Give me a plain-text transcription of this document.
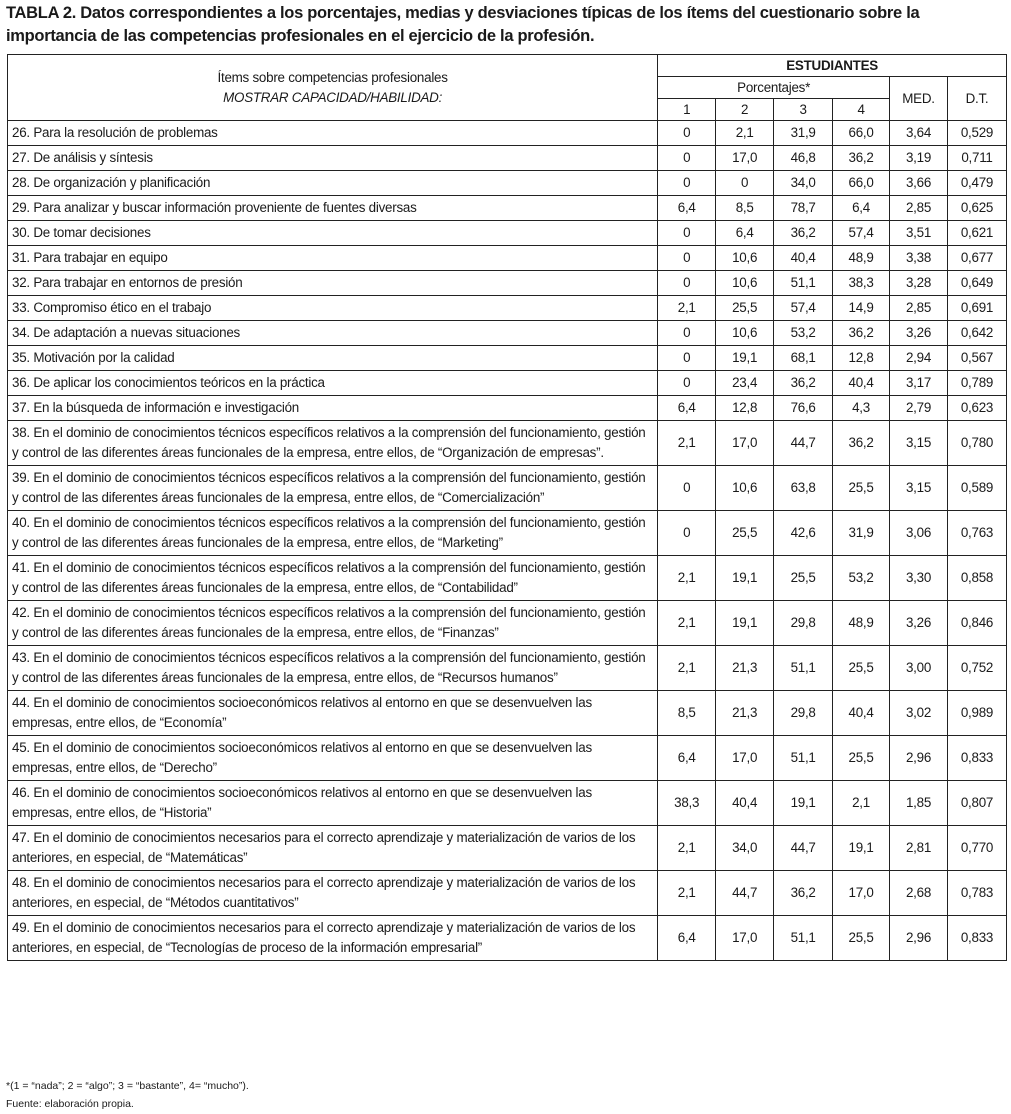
TABLA 2. Datos correspondientes a los porcentajes, medias y desviaciones típicas de los ítems del cuestionario sobre la importancia de las competencias profesionales en el ejercicio de la profesión.
Ítems sobre competencias profesionales
MOSTRAR CAPACIDAD/HABILIDAD:	ESTUDIANTES					
	Porcentajes*				MED.	D.T.
	1	2	3	4		
26. Para la resolución de problemas	0	2,1	31,9	66,0	3,64	0,529
27. De análisis y síntesis	0	17,0	46,8	36,2	3,19	0,711
28. De organización y planificación	0	0	34,0	66,0	3,66	0,479
29. Para analizar y buscar información proveniente de fuentes diversas	6,4	8,5	78,7	6,4	2,85	0,625
30. De tomar decisiones	0	6,4	36,2	57,4	3,51	0,621
31. Para trabajar en equipo	0	10,6	40,4	48,9	3,38	0,677
32. Para trabajar en entornos de presión	0	10,6	51,1	38,3	3,28	0,649
33. Compromiso ético en el trabajo	2,1	25,5	57,4	14,9	2,85	0,691
34. De adaptación a nuevas situaciones	0	10,6	53,2	36,2	3,26	0,642
35. Motivación por la calidad	0	19,1	68,1	12,8	2,94	0,567
36. De aplicar los conocimientos teóricos en la práctica	0	23,4	36,2	40,4	3,17	0,789
37. En la búsqueda de información e investigación	6,4	12,8	76,6	4,3	2,79	0,623
38. En el dominio de conocimientos técnicos específicos relativos a la comprensión del funcionamiento, gestión y control de las diferentes áreas funcionales de la empresa, entre ellos, de “Organización de empresas”.	2,1	17,0	44,7	36,2	3,15	0,780
39. En el dominio de conocimientos técnicos específicos relativos a la comprensión del funcionamiento, gestión y control de las diferentes áreas funcionales de la empresa, entre ellos, de “Comercialización”	0	10,6	63,8	25,5	3,15	0,589
40. En el dominio de conocimientos técnicos específicos relativos a la comprensión del funcionamiento, gestión y control de las diferentes áreas funcionales de la empresa, entre ellos, de “Marketing”	0	25,5	42,6	31,9	3,06	0,763
41. En el dominio de conocimientos técnicos específicos relativos a la comprensión del funcionamiento, gestión y control de las diferentes áreas funcionales de la empresa, entre ellos, de “Contabilidad”	2,1	19,1	25,5	53,2	3,30	0,858
42. En el dominio de conocimientos técnicos específicos relativos a la comprensión del funcionamiento, gestión y control de las diferentes áreas funcionales de la empresa, entre ellos, de “Finanzas”	2,1	19,1	29,8	48,9	3,26	0,846
43. En el dominio de conocimientos técnicos específicos relativos a la comprensión del funcionamiento, gestión y control de las diferentes áreas funcionales de la empresa, entre ellos, de “Recursos humanos”	2,1	21,3	51,1	25,5	3,00	0,752
44. En el dominio de conocimientos socioeconómicos relativos al entorno en que se desenvuelven las empresas, entre ellos, de “Economía”	8,5	21,3	29,8	40,4	3,02	0,989
45. En el dominio de conocimientos socioeconómicos relativos al entorno en que se desenvuelven las empresas, entre ellos, de “Derecho”	6,4	17,0	51,1	25,5	2,96	0,833
46. En el dominio de conocimientos socioeconómicos relativos al entorno en que se desenvuelven las empresas, entre ellos, de “Historia”	38,3	40,4	19,1	2,1	1,85	0,807
47. En el dominio de conocimientos necesarios para el correcto aprendizaje y materialización de varios de los anteriores, en especial, de “Matemáticas”	2,1	34,0	44,7	19,1	2,81	0,770
48. En el dominio de conocimientos necesarios para el correcto aprendizaje y materialización de varios de los anteriores, en especial, de “Métodos cuantitativos”	2,1	44,7	36,2	17,0	2,68	0,783
49. En el dominio de conocimientos necesarios para el correcto aprendizaje y materialización de varios de los anteriores, en especial, de “Tecnologías de proceso de la información empresarial”	6,4	17,0	51,1	25,5	2,96	0,833
*(1 = “nada”; 2 = “algo”; 3 = “bastante”, 4= “mucho”).
Fuente: elaboración propia.
